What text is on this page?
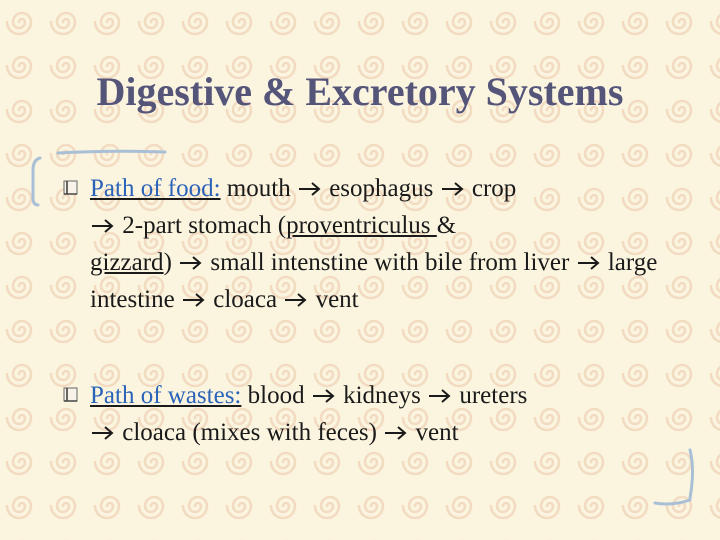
Digestive & Excretory Systems
Path of food: mouth  esophagus  crop
2-part stomach (proventriculus &
gizzard)  small intenstine with bile from liver  large intestine  cloaca  vent
Path of wastes: blood  kidneys  ureters
cloaca (mixes with feces)  vent
